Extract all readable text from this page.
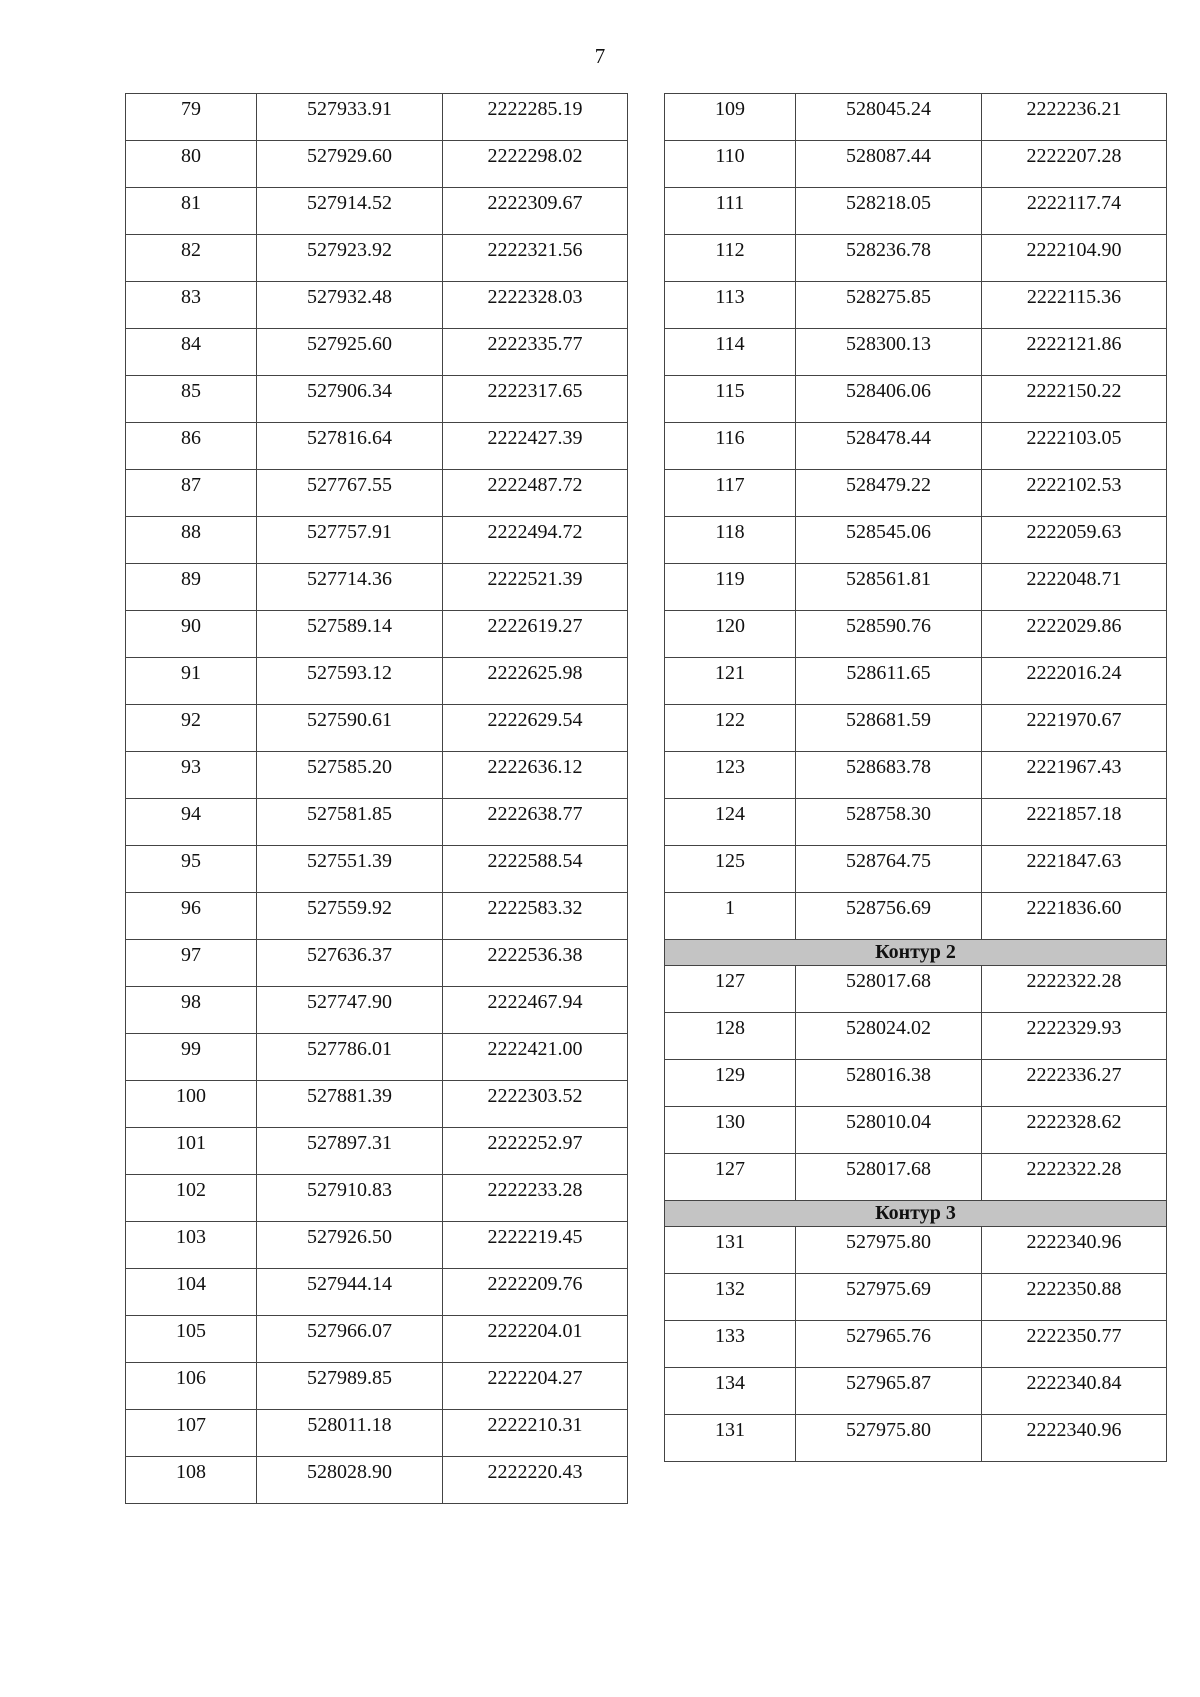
7
79	527933.91	2222285.19
80	527929.60	2222298.02
81	527914.52	2222309.67
82	527923.92	2222321.56
83	527932.48	2222328.03
84	527925.60	2222335.77
85	527906.34	2222317.65
86	527816.64	2222427.39
87	527767.55	2222487.72
88	527757.91	2222494.72
89	527714.36	2222521.39
90	527589.14	2222619.27
91	527593.12	2222625.98
92	527590.61	2222629.54
93	527585.20	2222636.12
94	527581.85	2222638.77
95	527551.39	2222588.54
96	527559.92	2222583.32
97	527636.37	2222536.38
98	527747.90	2222467.94
99	527786.01	2222421.00
100	527881.39	2222303.52
101	527897.31	2222252.97
102	527910.83	2222233.28
103	527926.50	2222219.45
104	527944.14	2222209.76
105	527966.07	2222204.01
106	527989.85	2222204.27
107	528011.18	2222210.31
108	528028.90	2222220.43
109	528045.24	2222236.21
110	528087.44	2222207.28
111	528218.05	2222117.74
112	528236.78	2222104.90
113	528275.85	2222115.36
114	528300.13	2222121.86
115	528406.06	2222150.22
116	528478.44	2222103.05
117	528479.22	2222102.53
118	528545.06	2222059.63
119	528561.81	2222048.71
120	528590.76	2222029.86
121	528611.65	2222016.24
122	528681.59	2221970.67
123	528683.78	2221967.43
124	528758.30	2221857.18
125	528764.75	2221847.63
1	528756.69	2221836.60
Контур 2		
127	528017.68	2222322.28
128	528024.02	2222329.93
129	528016.38	2222336.27
130	528010.04	2222328.62
127	528017.68	2222322.28
Контур 3		
131	527975.80	2222340.96
132	527975.69	2222350.88
133	527965.76	2222350.77
134	527965.87	2222340.84
131	527975.80	2222340.96
